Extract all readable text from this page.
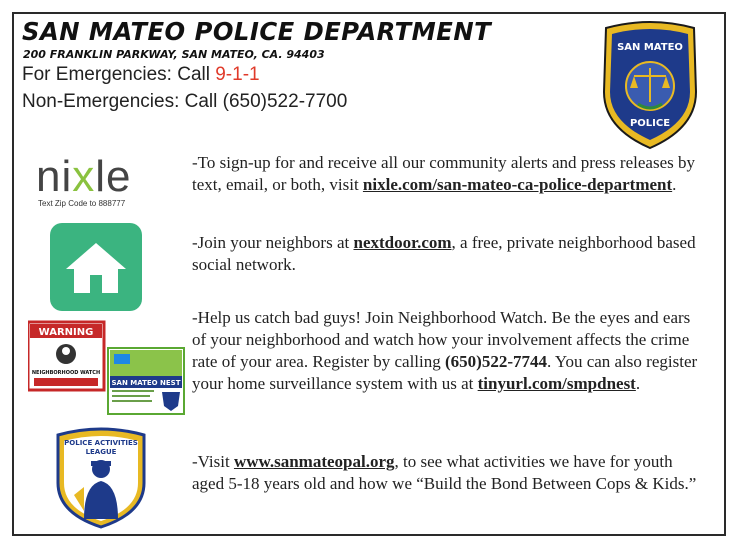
SAN MATEO POLICE DEPARTMENT
200 FRANKLIN PARKWAY, SAN MATEO, CA. 94403
For Emergencies: Call 9-1-1
Non-Emergencies: Call (650)522-7700
SAN MATEO
POLICE
nixle
Text Zip Code to 888777
WARNING
NEIGHBORHOOD WATCH
SAN MATEO NEST
POLICE ACTIVITIES
LEAGUE
-To sign-up for and receive all our community alerts and press releases by text, email, or both, visit nixle.com/san-mateo-ca-police-department.
-Join your neighbors at nextdoor.com, a free, private neighborhood based social network.
-Help us catch bad guys! Join Neighborhood Watch. Be the eyes and ears of your neighborhood and watch how your involvement affects the crime rate of your area. Register by calling (650)522-7744. You can also register your home surveillance system with us at tinyurl.com/smpdnest.
-Visit www.sanmateopal.org, to see what activities we have for youth aged 5-18 years old and how we “Build the Bond Between Cops & Kids.”
